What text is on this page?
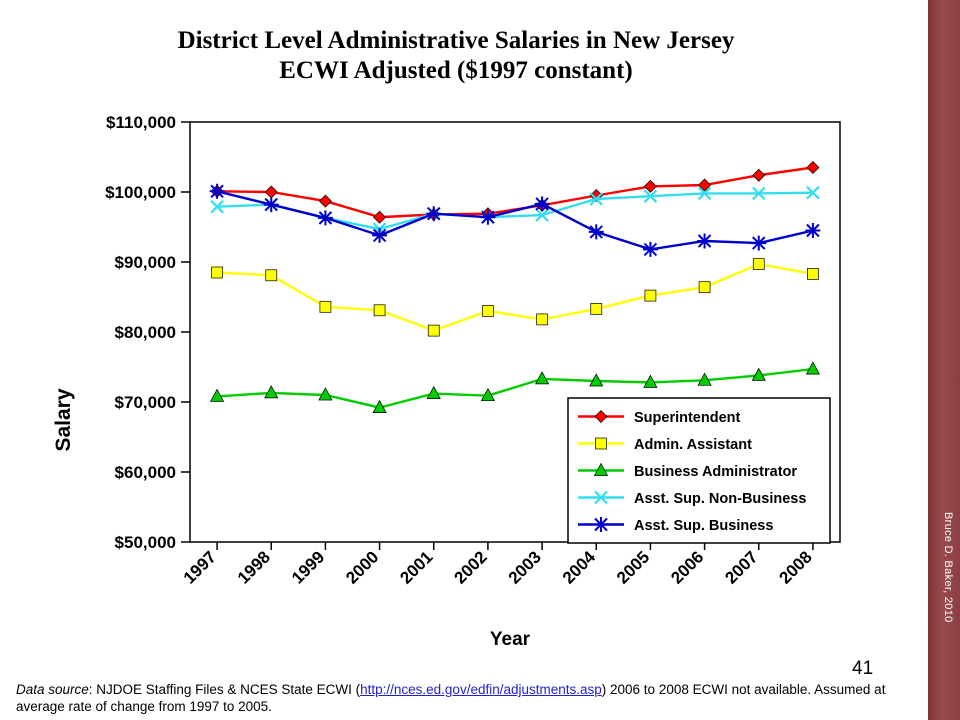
Bruce D. Baker, 2010
District Level Administrative Salaries in New Jersey
ECWI Adjusted ($1997 constant)
41
Salary
Year
$50,000
$60,000
$70,000
$80,000
$90,000
$100,000
$110,000
1997 1998 1999 2000 2001 2002 2003 2004 2005 2006 2007 2008
Superintendent
Admin. Assistant
Business Administrator
Asst. Sup. Non-Business
Asst. Sup. Business
Data source: NJDOE Staffing Files & NCES State ECWI (http://nces.ed.gov/edfin/adjustments.asp) 2006 to 2008 ECWI not available. Assumed at average rate of change from 1997 to 2005.
